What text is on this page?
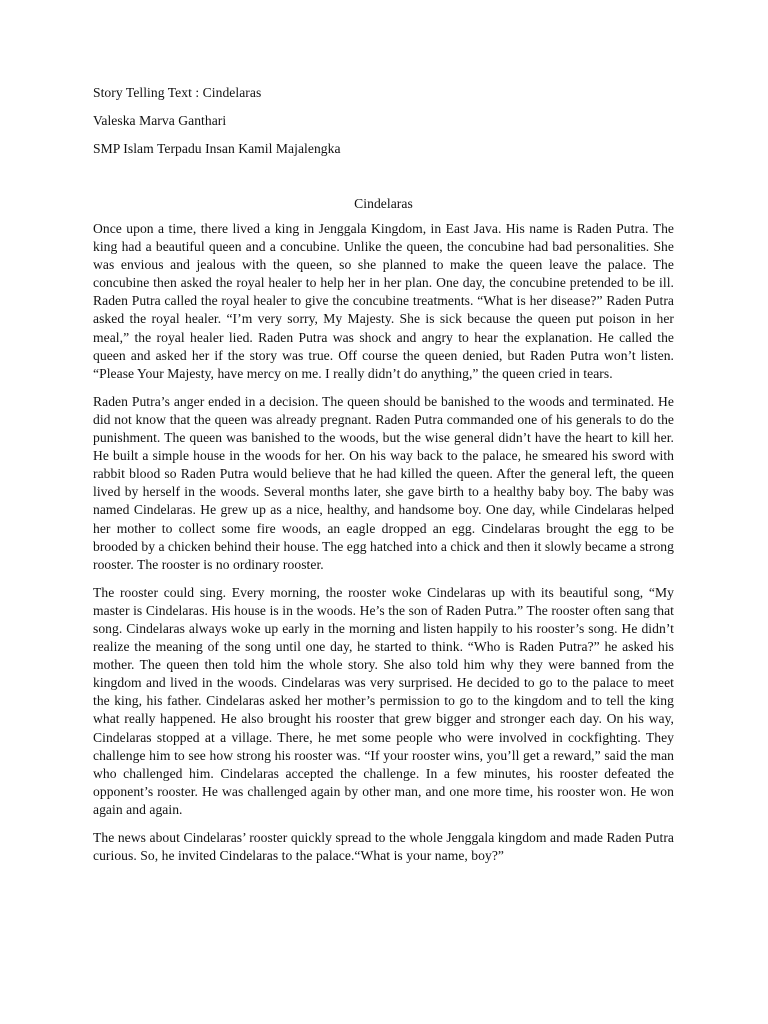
Story Telling Text : Cindelaras

Valeska Marva Ganthari

SMP Islam Terpadu Insan Kamil Majalengka

Cindelaras

Once upon a time, there lived a king in Jenggala Kingdom, in East Java. His name is Raden Putra. The king had a beautiful queen and a concubine. Unlike the queen, the concubine had bad personalities. She was envious and jealous with the queen, so she planned to make the queen leave the palace. The concubine then asked the royal healer to help her in her plan. One day, the concubine pretended to be ill. Raden Putra called the royal healer to give the concubine treatments. “What is her disease?” Raden Putra asked the royal healer. “I’m very sorry, My Majesty. She is sick because the queen put poison in her meal,” the royal healer lied. Raden Putra was shock and angry to hear the explanation. He called the queen and asked her if the story was true. Off course the queen denied, but Raden Putra won’t listen. “Please Your Majesty, have mercy on me. I really didn’t do anything,” the queen cried in tears.

Raden Putra’s anger ended in a decision. The queen should be banished to the woods and terminated. He did not know that the queen was already pregnant. Raden Putra commanded one of his generals to do the punishment. The queen was banished to the woods, but the wise general didn’t have the heart to kill her. He built a simple house in the woods for her. On his way back to the palace, he smeared his sword with rabbit blood so Raden Putra would believe that he had killed the queen. After the general left, the queen lived by herself in the woods. Several months later, she gave birth to a healthy baby boy. The baby was named Cindelaras. He grew up as a nice, healthy, and handsome boy. One day, while Cindelaras helped her mother to collect some fire woods, an eagle dropped an egg. Cindelaras brought the egg to be brooded by a chicken behind their house. The egg hatched into a chick and then it slowly became a strong rooster. The rooster is no ordinary rooster.

The rooster could sing. Every morning, the rooster woke Cindelaras up with its beautiful song, “My master is Cindelaras. His house is in the woods. He’s the son of Raden Putra.” The rooster often sang that song. Cindelaras always woke up early in the morning and listen happily to his rooster’s song. He didn’t realize the meaning of the song until one day, he started to think. “Who is Raden Putra?” he asked his mother. The queen then told him the whole story. She also told him why they were banned from the kingdom and lived in the woods. Cindelaras was very surprised. He decided to go to the palace to meet the king, his father. Cindelaras asked her mother’s permission to go to the kingdom and to tell the king what really happened. He also brought his rooster that grew bigger and stronger each day. On his way, Cindelaras stopped at a village. There, he met some people who were involved in cockfighting. They challenge him to see how strong his rooster was. “If your rooster wins, you’ll get a reward,” said the man who challenged him. Cindelaras accepted the challenge. In a few minutes, his rooster defeated the opponent’s rooster. He was challenged again by other man, and one more time, his rooster won. He won again and again.

The news about Cindelaras’ rooster quickly spread to the whole Jenggala kingdom and made Raden Putra curious. So, he invited Cindelaras to the palace.“What is your name, boy?”
